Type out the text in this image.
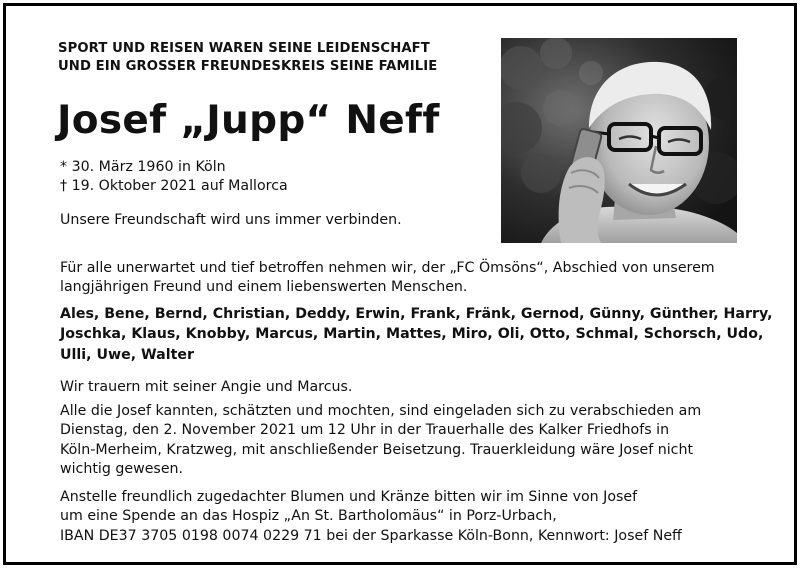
SPORT UND REISEN WAREN SEINE LEIDENSCHAFT
UND EIN GROSSER FREUNDESKREIS SEINE FAMILIE
Josef „Jupp“ Neff
* 30. März 1960 in Köln
† 19. Oktober 2021 auf Mallorca
Unsere Freundschaft wird uns immer verbinden.
Für alle unerwartet und tief betroffen nehmen wir, der „FC Ömsöns“, Abschied von unserem
langjährigen Freund und einem liebenswerten Menschen.
Ales, Bene, Bernd, Christian, Deddy, Erwin, Frank, Fränk, Gernod, Günny, Günther, Harry,
Joschka, Klaus, Knobby, Marcus, Martin, Mattes, Miro, Oli, Otto, Schmal, Schorsch, Udo,
Ulli, Uwe, Walter
Wir trauern mit seiner Angie und Marcus.
Alle die Josef kannten, schätzten und mochten, sind eingeladen sich zu verabschieden am
Dienstag, den 2. November 2021 um 12 Uhr in der Trauerhalle des Kalker Friedhofs in
Köln-Merheim, Kratzweg, mit anschließender Beisetzung. Trauerkleidung wäre Josef nicht
wichtig gewesen.
Anstelle freundlich zugedachter Blumen und Kränze bitten wir im Sinne von Josef
um eine Spende an das Hospiz „An St. Bartholomäus“ in Porz-Urbach,
IBAN DE37 3705 0198 0074 0229 71 bei der Sparkasse Köln-Bonn, Kennwort: Josef Neff
